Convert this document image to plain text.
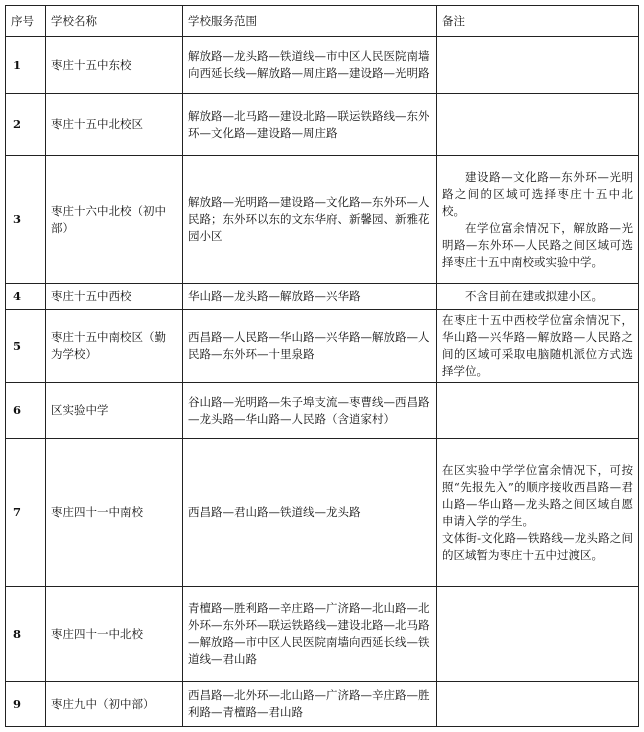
序号	学校名称	学校服务范围	备注
1	枣庄十五中东校	解放路—龙头路—铁道线—市中区人民医院南墙向西延长线—解放路—周庄路—建设路—光明路	
2	枣庄十五中北校区	解放路—北马路—建设北路—联运铁路线—东外环—文化路—建设路—周庄路	
3	枣庄十六中北校（初中部）	解放路—光明路—建设路—文化路—东外环—人民路；东外环以东的文东华府、新馨园、新雅花园小区	建设路—文化路—东外环—光明路之间的区域可选择枣庄十五中北校。

在学位富余情况下，解放路—光明路—东外环—人民路之间区域可选择枣庄十五中南校或实验中学。

4	枣庄十五中西校	华山路—龙头路—解放路—兴华路	不含目前在建或拟建小区。

5	枣庄十五中南校区（勤为学校）	西昌路—人民路—华山路—兴华路—解放路—人民路—东外环—十里泉路	在枣庄十五中西校学位富余情况下，华山路—兴华路—解放路—人民路之间的区域可采取电脑随机派位方式选择学位。

6	区实验中学	谷山路—光明路—朱子埠支流—枣曹线—西昌路—龙头路—华山路—人民路（含逍家村）	
7	枣庄四十一中南校	西昌路—君山路—铁道线—龙头路	在区实验中学学位富余情况下，可按照“先报先入”的顺序接收西昌路—君山路—华山路—龙头路之间区域自愿申请入学的学生。

文体街-文化路—铁路线—龙头路之间的区域暂为枣庄十五中过渡区。

8	枣庄四十一中北校	青檀路—胜利路—辛庄路—广济路—北山路—北外环—东外环—联运铁路线—建设北路—北马路—解放路—市中区人民医院南墙向西延长线—铁道线—君山路	
9	枣庄九中（初中部）	西昌路—北外环—北山路—广济路—辛庄路—胜利路—青檀路—君山路	
